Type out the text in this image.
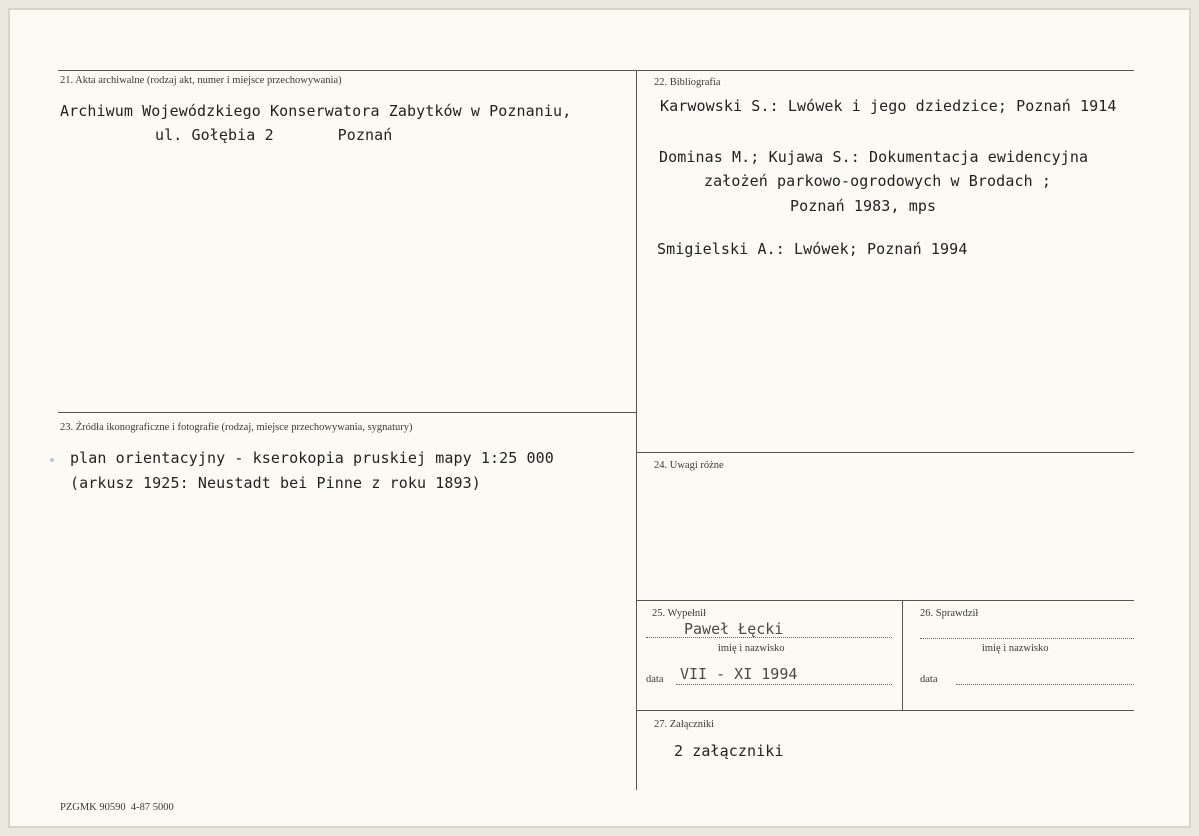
21. Akta archiwalne (rodzaj akt, numer i miejsce przechowywania)
Archiwum Wojewódzkiego Konserwatora Zabytków w Poznaniu,
ul. Gołębia 2       Poznań
22. Bibliografia
Karwowski S.: Lwówek i jego dziedzice; Poznań 1914
Dominas M.; Kujawa S.: Dokumentacja ewidencyjna
założeń parkowo-ogrodowych w Brodach ;
Poznań 1983, mps
Smigielski A.: Lwówek; Poznań 1994
23. Źródła ikonograficzne i fotografie (rodzaj, miejsce przechowywania, sygnatury)
plan orientacyjny - kserokopia pruskiej mapy 1:25 000
(arkusz 1925: Neustadt bei Pinne z roku 1893)
24. Uwagi różne
25. Wypełnił
Paweł Łęcki
imię i nazwisko
data VII - XI 1994
26. Sprawdził
imię i nazwisko
data
27. Załączniki
2 załączniki
PZGMK 90590  4-87 5000
